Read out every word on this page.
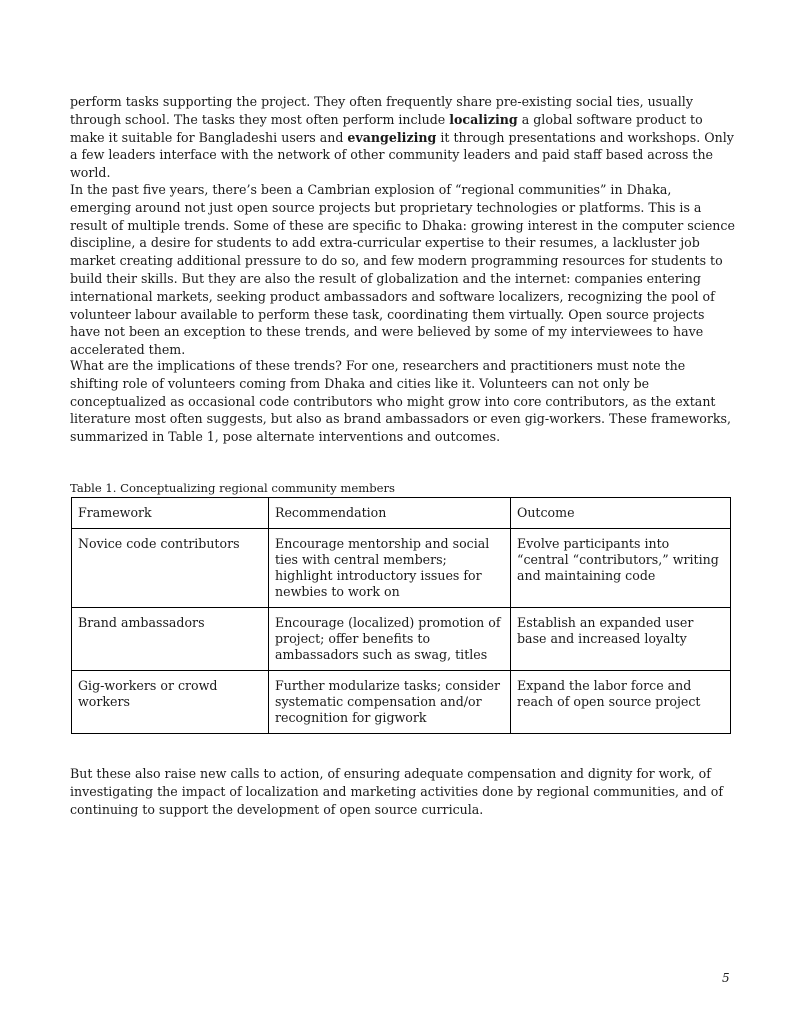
perform tasks supporting the project. They often frequently share pre-existing social ties, usually through school. The tasks they most often perform include localizing a global software product to make it suitable for Bangladeshi users and evangelizing it through presentations and workshops. Only a few leaders interface with the network of other community leaders and paid staff based across the world.

In the past five years, there’s been a Cambrian explosion of “regional communities” in Dhaka, emerging around not just open source projects but proprietary technologies or platforms. This is a result of multiple trends. Some of these are specific to Dhaka: growing interest in the computer science discipline, a desire for students to add extra-curricular expertise to their resumes, a lackluster job market creating additional pressure to do so, and few modern programming resources for students to build their skills. But they are also the result of globalization and the internet: companies entering international markets, seeking product ambassadors and software localizers, recognizing the pool of volunteer labour available to perform these task, coordinating them virtually. Open source projects have not been an exception to these trends, and were believed by some of my interviewees to have accelerated them.

What are the implications of these trends? For one, researchers and practitioners must note the shifting role of volunteers coming from Dhaka and cities like it. Volunteers can not only be conceptualized as occasional code contributors who might grow into core contributors, as the extant literature most often suggests, but also as brand ambassadors or even gig-workers. These frameworks, summarized in Table 1, pose alternate interventions and outcomes.

Table 1. Conceptualizing regional community members
Framework	Recommendation	Outcome
Novice code contributors	Encourage mentorship and social ties with central members; highlight introductory issues for newbies to work on	Evolve participants into “central “contributors,” writing and maintaining code
Brand ambassadors	Encourage (localized) promotion of project; offer benefits to ambassadors such as swag, titles	Establish an expanded user base and increased loyalty
Gig-workers or crowd workers	Further modularize tasks; consider systematic compensation and/or recognition for gigwork	Expand the labor force and reach of open source project

But these also raise new calls to action, of ensuring adequate compensation and dignity for work, of investigating the impact of localization and marketing activities done by regional communities, and of continuing to support the development of open source curricula.

5
